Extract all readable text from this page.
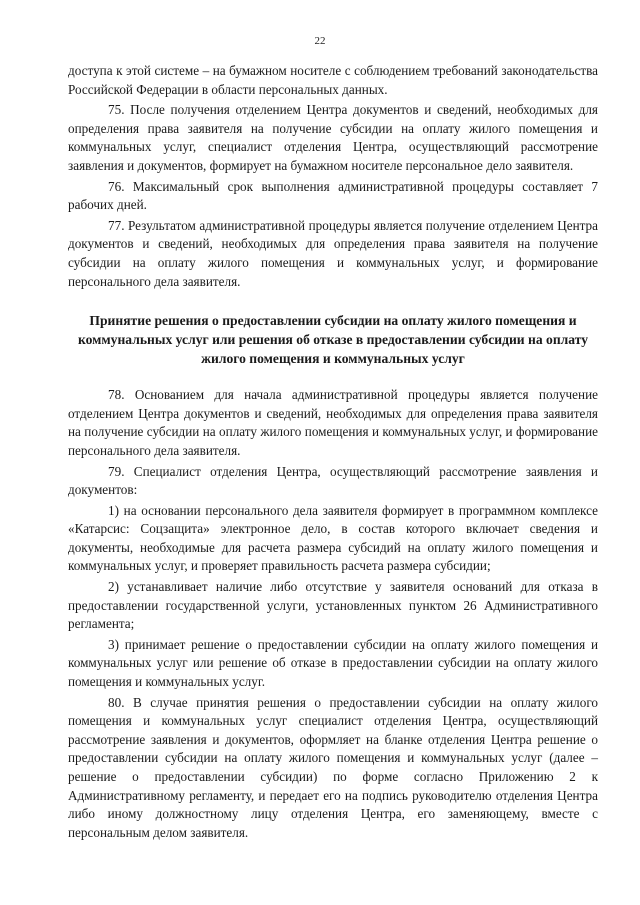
22

доступа к этой системе – на бумажном носителе с соблюдением требований законодательства Российской Федерации в области персональных данных.

75. После получения отделением Центра документов и сведений, необходимых для определения права заявителя на получение субсидии на оплату жилого помещения и коммунальных услуг, специалист отделения Центра, осуществляющий рассмотрение заявления и документов, формирует на бумажном носителе персональное дело заявителя.

76. Максимальный срок выполнения административной процедуры составляет 7 рабочих дней.

77. Результатом административной процедуры является получение отделением Центра документов и сведений, необходимых для определения права заявителя на получение субсидии на оплату жилого помещения и коммунальных услуг, и формирование персонального дела заявителя.

Принятие решения о предоставлении субсидии на оплату жилого помещения и коммунальных услуг или решения об отказе в предоставлении субсидии на оплату жилого помещения и коммунальных услуг

78. Основанием для начала административной процедуры является получение отделением Центра документов и сведений, необходимых для определения права заявителя на получение субсидии на оплату жилого помещения и коммунальных услуг, и формирование персонального дела заявителя.

79. Специалист отделения Центра, осуществляющий рассмотрение заявления и документов:

1) на основании персонального дела заявителя формирует в программном комплексе «Катарсис: Соцзащита» электронное дело, в состав которого включает сведения и документы, необходимые для расчета размера субсидий на оплату жилого помещения и коммунальных услуг, и проверяет правильность расчета размера субсидии;

2) устанавливает наличие либо отсутствие у заявителя оснований для отказа в предоставлении государственной услуги, установленных пунктом 26 Административного регламента;

3) принимает решение о предоставлении субсидии на оплату жилого помещения и коммунальных услуг или решение об отказе в предоставлении субсидии на оплату жилого помещения и коммунальных услуг.

80. В случае принятия решения о предоставлении субсидии на оплату жилого помещения и коммунальных услуг специалист отделения Центра, осуществляющий рассмотрение заявления и документов, оформляет на бланке отделения Центра решение о предоставлении субсидии на оплату жилого помещения и коммунальных услуг (далее – решение о предоставлении субсидии) по форме согласно Приложению 2 к Административному регламенту, и передает его на подпись руководителю отделения Центра либо иному должностному лицу отделения Центра, его заменяющему, вместе с персональным делом заявителя.
